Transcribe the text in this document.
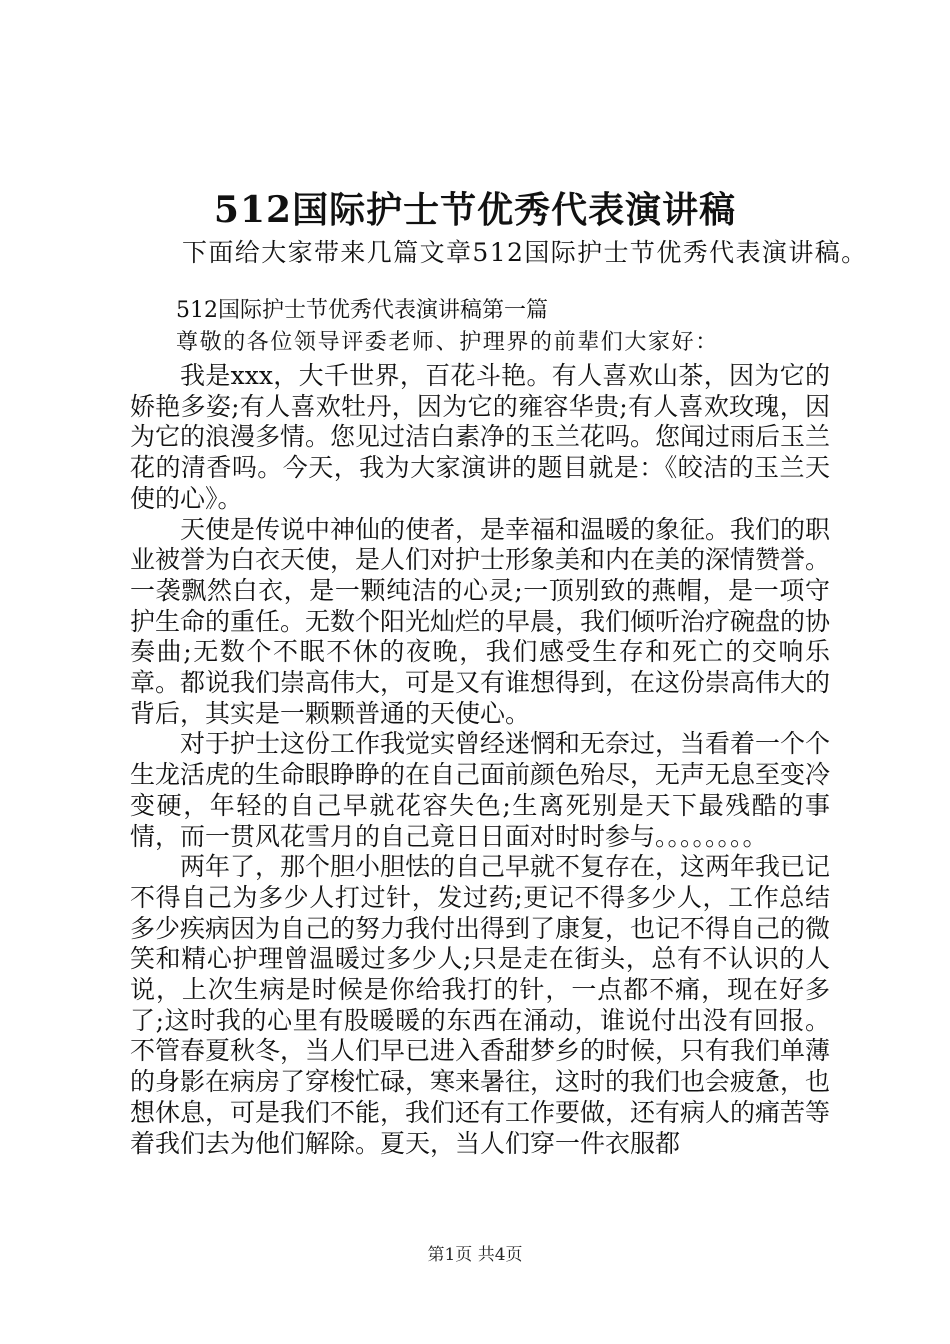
512国际护士节优秀代表演讲稿
下面给大家带来几篇文章512国际护士节优秀代表演讲稿。
512国际护士节优秀代表演讲稿第一篇
尊敬的各位领导评委老师、护理界的前辈们大家好：

我是xxx，大千世界，百花斗艳。有人喜欢山茶，因为它的娇艳多姿;有人喜欢牡丹，因为它的雍容华贵;有人喜欢玫瑰，因为它的浪漫多情。您见过洁白素净的玉兰花吗。您闻过雨后玉兰花的清香吗。今天，我为大家演讲的题目就是：《皎洁的玉兰天使的心》。

天使是传说中神仙的使者，是幸福和温暖的象征。我们的职业被誉为白衣天使，是人们对护士形象美和内在美的深情赞誉。一袭飘然白衣，是一颗纯洁的心灵;一顶别致的燕帽，是一项守护生命的重任。无数个阳光灿烂的早晨，我们倾听治疗碗盘的协奏曲;无数个不眠不休的夜晚，我们感受生存和死亡的交响乐章。都说我们崇高伟大，可是又有谁想得到，在这份崇高伟大的背后，其实是一颗颗普通的天使心。

对于护士这份工作我觉实曾经迷惘和无奈过，当看着一个个生龙活虎的生命眼睁睁的在自己面前颜色殆尽，无声无息至变冷变硬，年轻的自己早就花容失色;生离死别是天下最残酷的事情，而一贯风花雪月的自己竟日日面对时时参与。。。。。。。。

两年了，那个胆小胆怯的自己早就不复存在，这两年我已记不得自己为多少人打过针，发过药;更记不得多少人，工作总结多少疾病因为自己的努力我付出得到了康复，也记不得自己的微笑和精心护理曾温暖过多少人;只是走在街头，总有不认识的人说，上次生病是时候是你给我打的针，一点都不痛，现在好多了;这时我的心里有股暖暖的东西在涌动，谁说付出没有回报。不管春夏秋冬，当人们早已进入香甜梦乡的时候，只有我们单薄的身影在病房了穿梭忙碌，寒来暑往，这时的我们也会疲惫，也想休息，可是我们不能，我们还有工作要做，还有病人的痛苦等着我们去为他们解除。夏天，当人们穿一件衣服都

第1页 共4页
